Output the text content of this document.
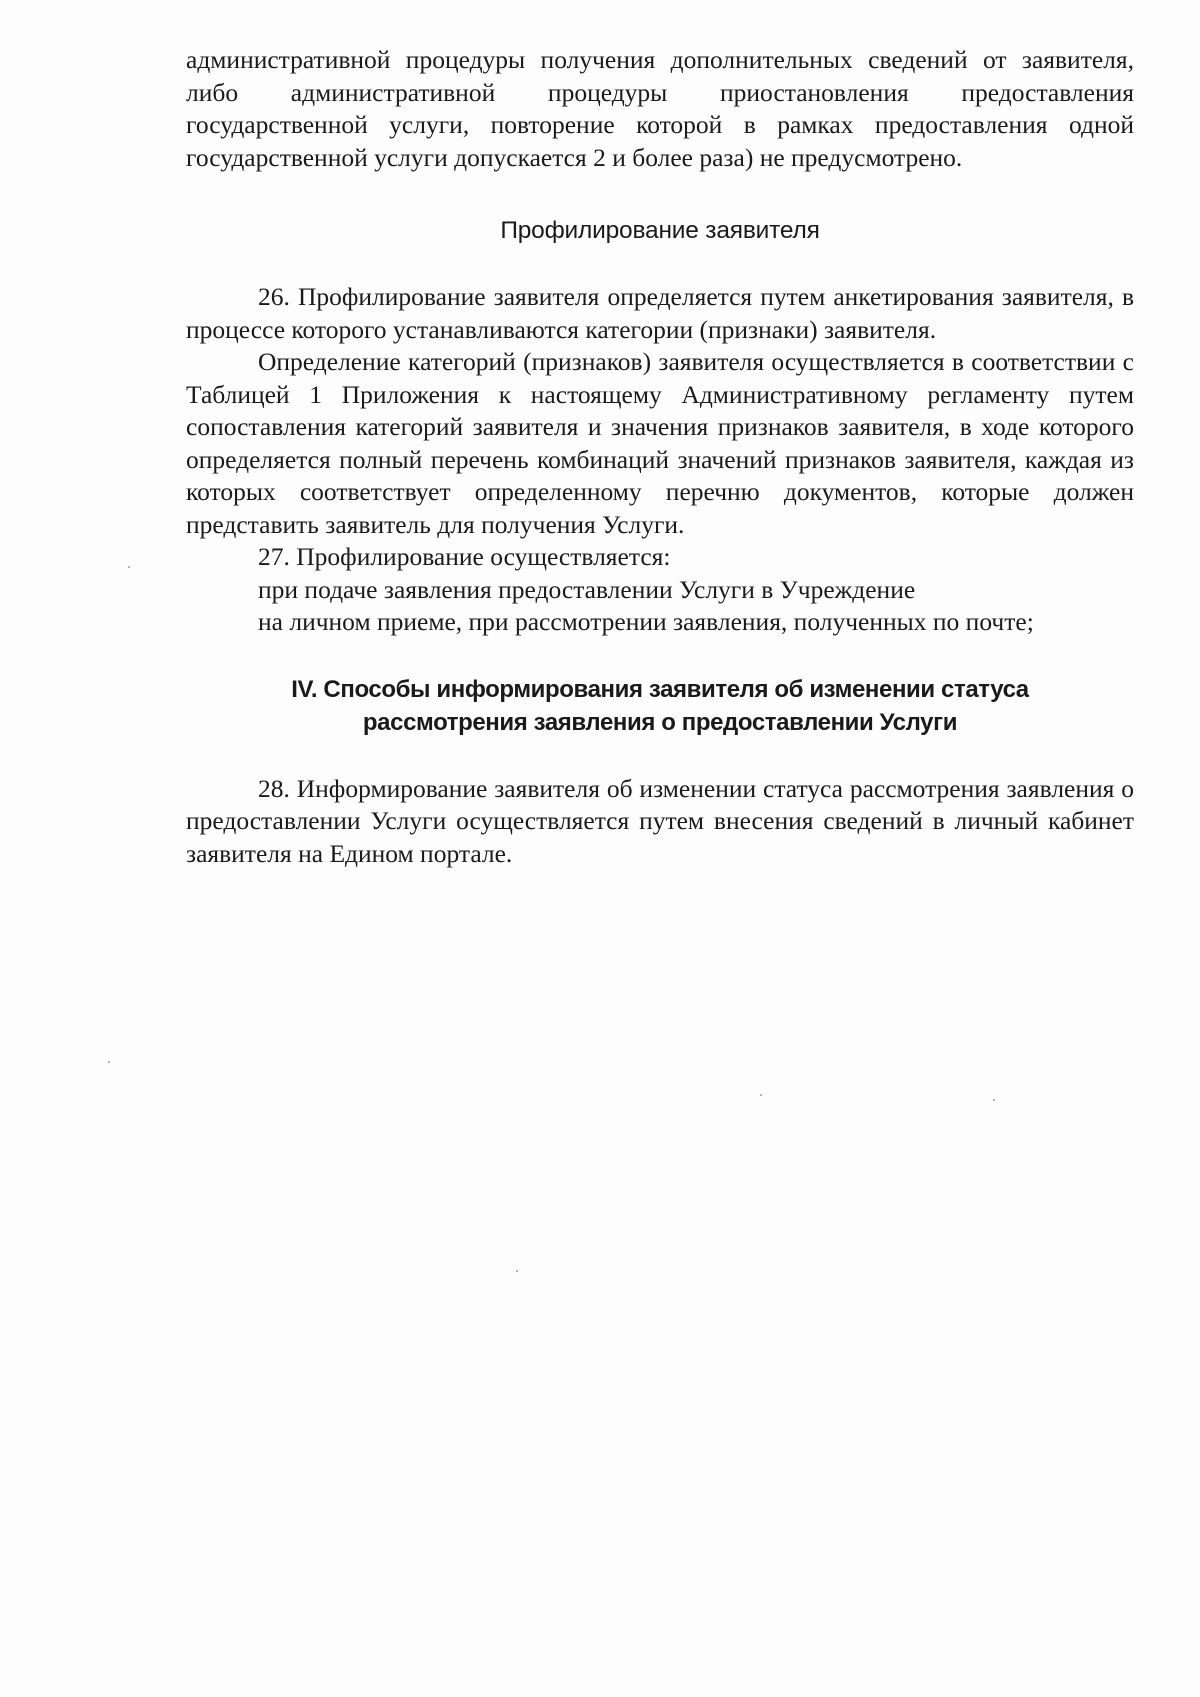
административной процедуры получения дополнительных сведений от заявителя, либо административной процедуры приостановления предоставления государственной услуги, повторение которой в рамках предоставления одной государственной услуги допускается 2 и более раза) не предусмотрено.

Профилирование заявителя

26. Профилирование заявителя определяется путем анкетирования заявителя, в процессе которого устанавливаются категории (признаки) заявителя.

Определение категорий (признаков) заявителя осуществляется в соответствии с Таблицей 1 Приложения к настоящему Административному регламенту путем сопоставления категорий заявителя и значения признаков заявителя, в ходе которого определяется полный перечень комбинаций значений признаков заявителя, каждая из которых соответствует определенному перечню документов, которые должен представить заявитель для получения Услуги.

27. Профилирование осуществляется:

при подаче заявления предоставлении Услуги в Учреждение

на личном приеме, при рассмотрении заявления, полученных по почте;

IV. Способы информирования заявителя об изменении статуса

рассмотрения заявления о предоставлении Услуги

28. Информирование заявителя об изменении статуса рассмотрения заявления о предоставлении Услуги осуществляется путем внесения сведений в личный кабинет заявителя на Едином портале.
